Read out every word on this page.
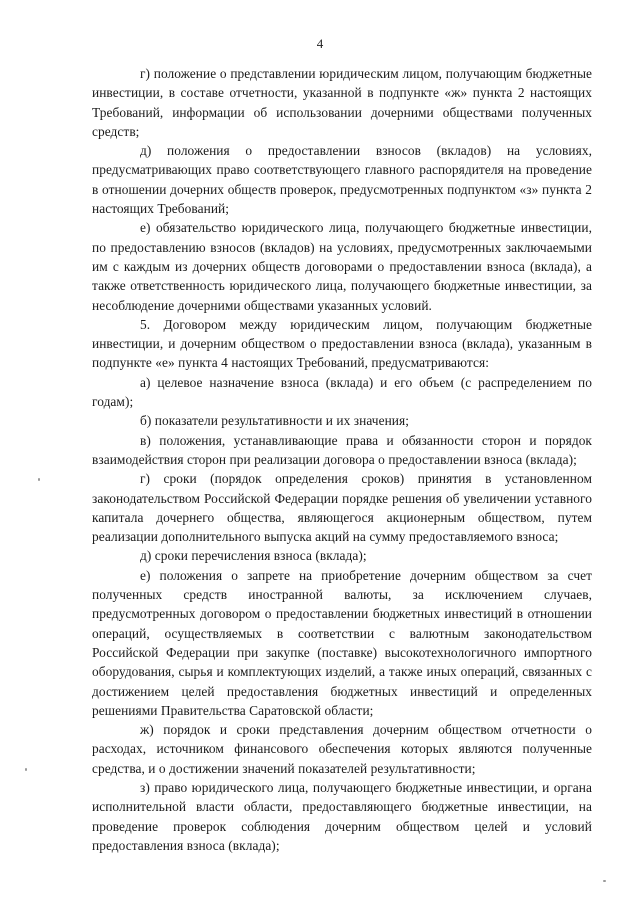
4

г) положение о представлении юридическим лицом, получающим бюджетные инвестиции, в составе отчетности, указанной в подпункте «ж» пункта 2 настоящих Требований, информации об использовании дочерними обществами полученных средств;

д) положения о предоставлении взносов (вкладов) на условиях, предусматривающих право соответствующего главного распорядителя на проведение в отношении дочерних обществ проверок, предусмотренных подпунктом «з» пункта 2 настоящих Требований;

е) обязательство юридического лица, получающего бюджетные инвестиции, по предоставлению взносов (вкладов) на условиях, предусмотренных заключаемыми им с каждым из дочерних обществ договорами о предоставлении взноса (вклада), а также ответственность юридического лица, получающего бюджетные инвестиции, за несоблюдение дочерними обществами указанных условий.

5. Договором между юридическим лицом, получающим бюджетные инвестиции, и дочерним обществом о предоставлении взноса (вклада), указанным в подпункте «е» пункта 4 настоящих Требований, предусматриваются:

а) целевое назначение взноса (вклада) и его объем (с распределением по годам);

б) показатели результативности и их значения;

в) положения, устанавливающие права и обязанности сторон и порядок взаимодействия сторон при реализации договора о предоставлении взноса (вклада);

г) сроки (порядок определения сроков) принятия в установленном законодательством Российской Федерации порядке решения об увеличении уставного капитала дочернего общества, являющегося акционерным обществом, путем реализации дополнительного выпуска акций на сумму предоставляемого взноса;

д) сроки перечисления взноса (вклада);

е) положения о запрете на приобретение дочерним обществом за счет полученных средств иностранной валюты, за исключением случаев, предусмотренных договором о предоставлении бюджетных инвестиций в отношении операций, осуществляемых в соответствии с валютным законодательством Российской Федерации при закупке (поставке) высокотехнологичного импортного оборудования, сырья и комплектующих изделий, а также иных операций, связанных с достижением целей предоставления бюджетных инвестиций и определенных решениями Правительства Саратовской области;

ж) порядок и сроки представления дочерним обществом отчетности о расходах, источником финансового обеспечения которых являются полученные средства, и о достижении значений показателей результативности;

з) право юридического лица, получающего бюджетные инвестиции, и органа исполнительной власти области, предоставляющего бюджетные инвестиции, на проведение проверок соблюдения дочерним обществом целей и условий предоставления взноса (вклада);
